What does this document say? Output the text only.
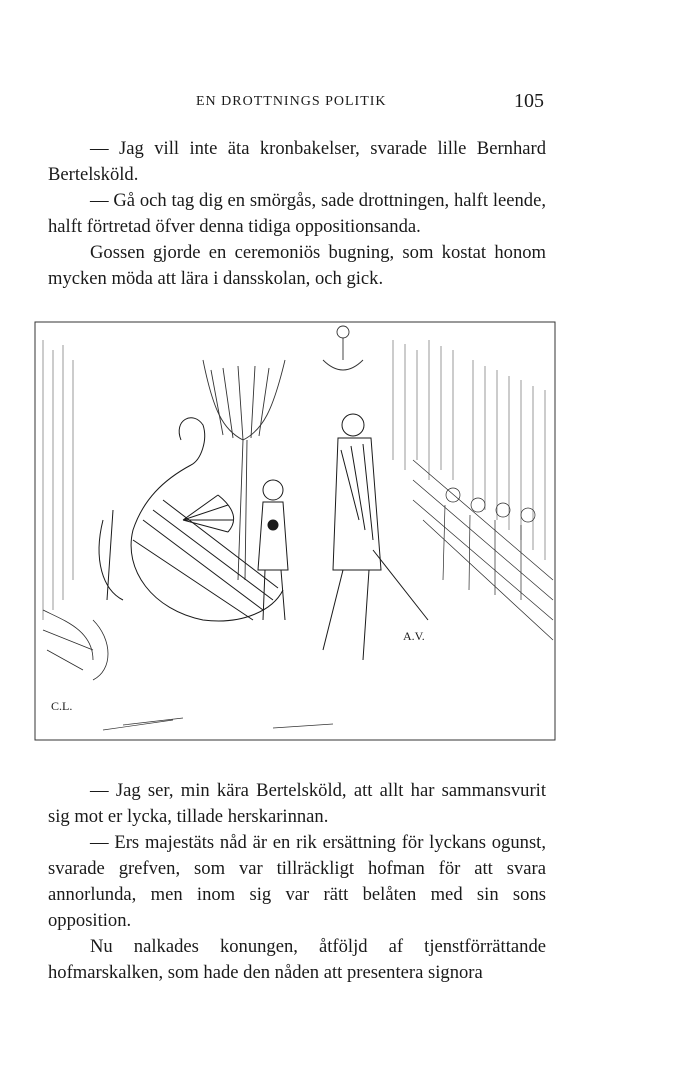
EN DROTTNINGS POLITIK	105

— Jag vill inte äta kronbakelser, svarade lille Bernhard Bertelsköld.

— Gå och tag dig en smörgås, sade drottningen, halft leende, halft förtretad öfver denna tidiga oppositionsanda.

Gossen gjorde en ceremoniös bugning, som kostat honom mycken möda att lära i dansskolan, och gick.

C.L.
A.V.

— Jag ser, min kära Bertelsköld, att allt har sammansvurit sig mot er lycka, tillade herskarinnan.

— Ers majestäts nåd är en rik ersättning för lyckans ogunst, svarade grefven, som var tillräckligt hofman för att svara annorlunda, men inom sig var rätt belåten med sin sons opposition.

Nu nalkades konungen, åtföljd af tjenstförrättande hofmarskalken, som hade den nåden att presentera signora
